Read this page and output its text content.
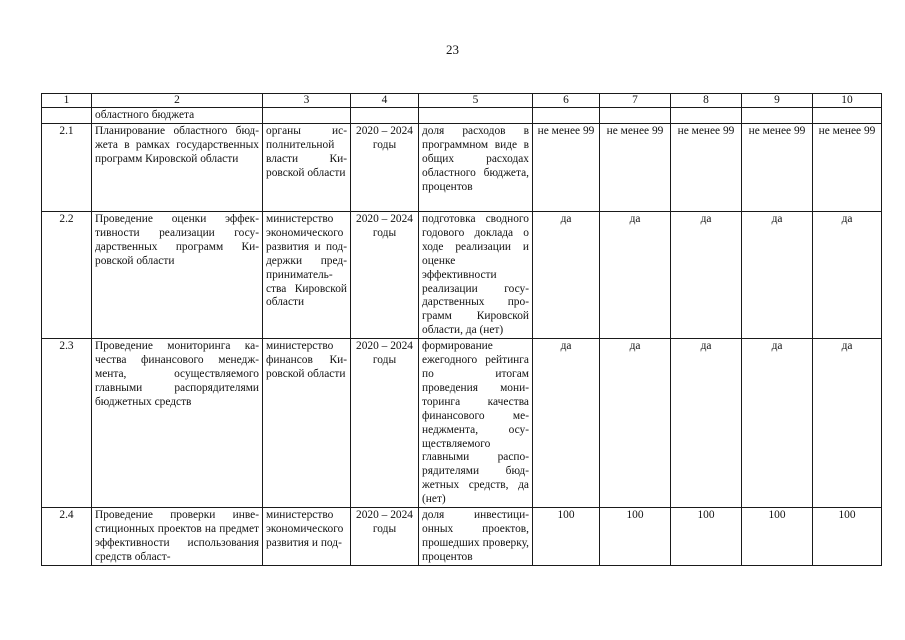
23
1	2	3	4	5	6	7	8	9	10
	областного бюджета								
2.1	Планирование областного бюджета в рамках государственных программ Кировской области	органы исполнительной власти Кировской области	2020 – 2024 годы	доля расходов в программном виде в общих расходах областного бюджета, процентов	не менее 99	не менее 99	не менее 99	не менее 99	не менее 99
2.2	Проведение оценки эффективности реализации государственных программ Кировской области	министерство экономического развития и поддержки предпринимательства Кировской области	2020 – 2024 годы	подготовка сводного годового доклада о ходе реализации и оценке эффективности реализации государственных программ Кировской области, да (нет)	да	да	да	да	да
2.3	Проведение мониторинга качества финансового менеджмента, осуществляемого главными распорядителями бюджетных средств	министерство финансов Кировской области	2020 – 2024 годы	формирование ежегодного рейтинга по итогам проведения мониторинга качества финансового менеджмента, осуществляемого главными распорядителями бюджетных средств, да (нет)	да	да	да	да	да
2.4	Проведение проверки инвестиционных проектов на предмет эффективности использования средств област-	министерство экономического развития и под-	2020 – 2024 годы	доля инвестиционных проектов, прошедших проверку, процентов	100	100	100	100	100
